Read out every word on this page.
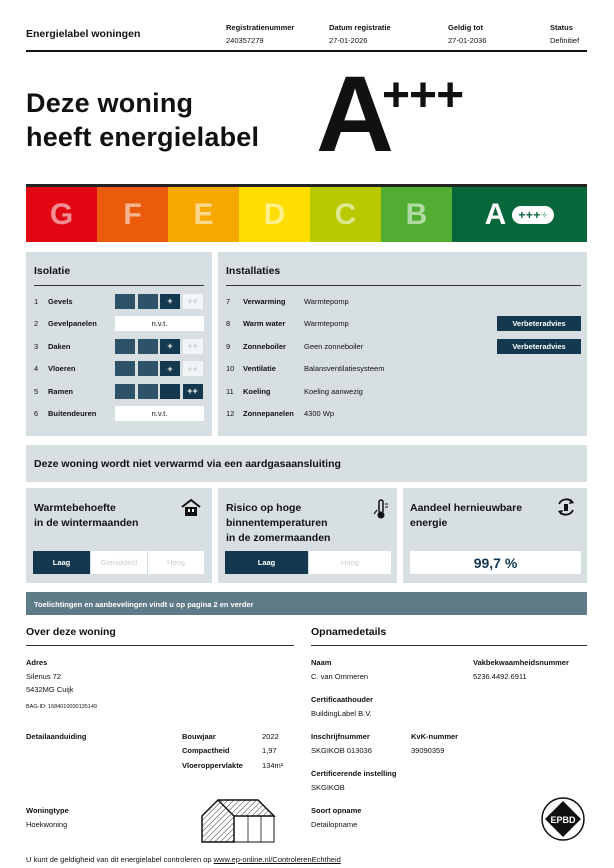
Energielabel woningen
Registratienummer
240357279
Datum registratie
27-01-2026
Geldig tot
27-01-2036
Status
Definitief
Deze woning
heeft energielabel A
+++
G F E D C B A	++++
Isolatie
1	Gevels	+	++
2	Gevelpanelen	n.v.t.
3	Daken	+	++
4	Vloeren	+	++
5	Ramen	++
6	Buitendeuren	n.v.t.
Installaties
7	Verwarming	Warmtepomp
8	Warm water	Warmtepomp	Verbeteradvies
9	Zonneboiler	Geen zonneboiler	Verbeteradvies
10	Ventilatie	Balansventilatiesysteem
11	Koeling	Koeling aanwezig
12	Zonnepanelen	4300 Wp
Deze woning wordt niet verwarmd via een aardgasaansluiting
Warmtebehoefte
in de wintermaanden
Laag	Gemiddeld	Hoog
Risico op hoge
binnentemperaturen
in de zomermaanden
Laag	Hoog
Aandeel hernieuwbare
energie
99,7 %
Toelichtingen en aanbevelingen vindt u op pagina 2 en verder
Over deze woning
Adres
Silenus 72
5432MG Cuijk
BAG-ID: 1684010000135149
Detailaanduiding	Bouwjaar	2022
Compactheid	1,97
Vloeroppervlakte	134m²
Woningtype
Hoekwoning
Opnamedetails
Naam
C. van Ommeren
Vakbekwaamheidsnummer
5236.4492.6911
Certificaathouder
BuildingLabel B.V.
Inschrijfnummer
SKGIKOB 013036
KvK-nummer
39090359
Certificerende instelling
SKGIKOB
Soort opname
Detailopname	EPBD
U kunt de geldigheid van dit energielabel controleren op www.ep-online.nl/ControlerenEchtheid
